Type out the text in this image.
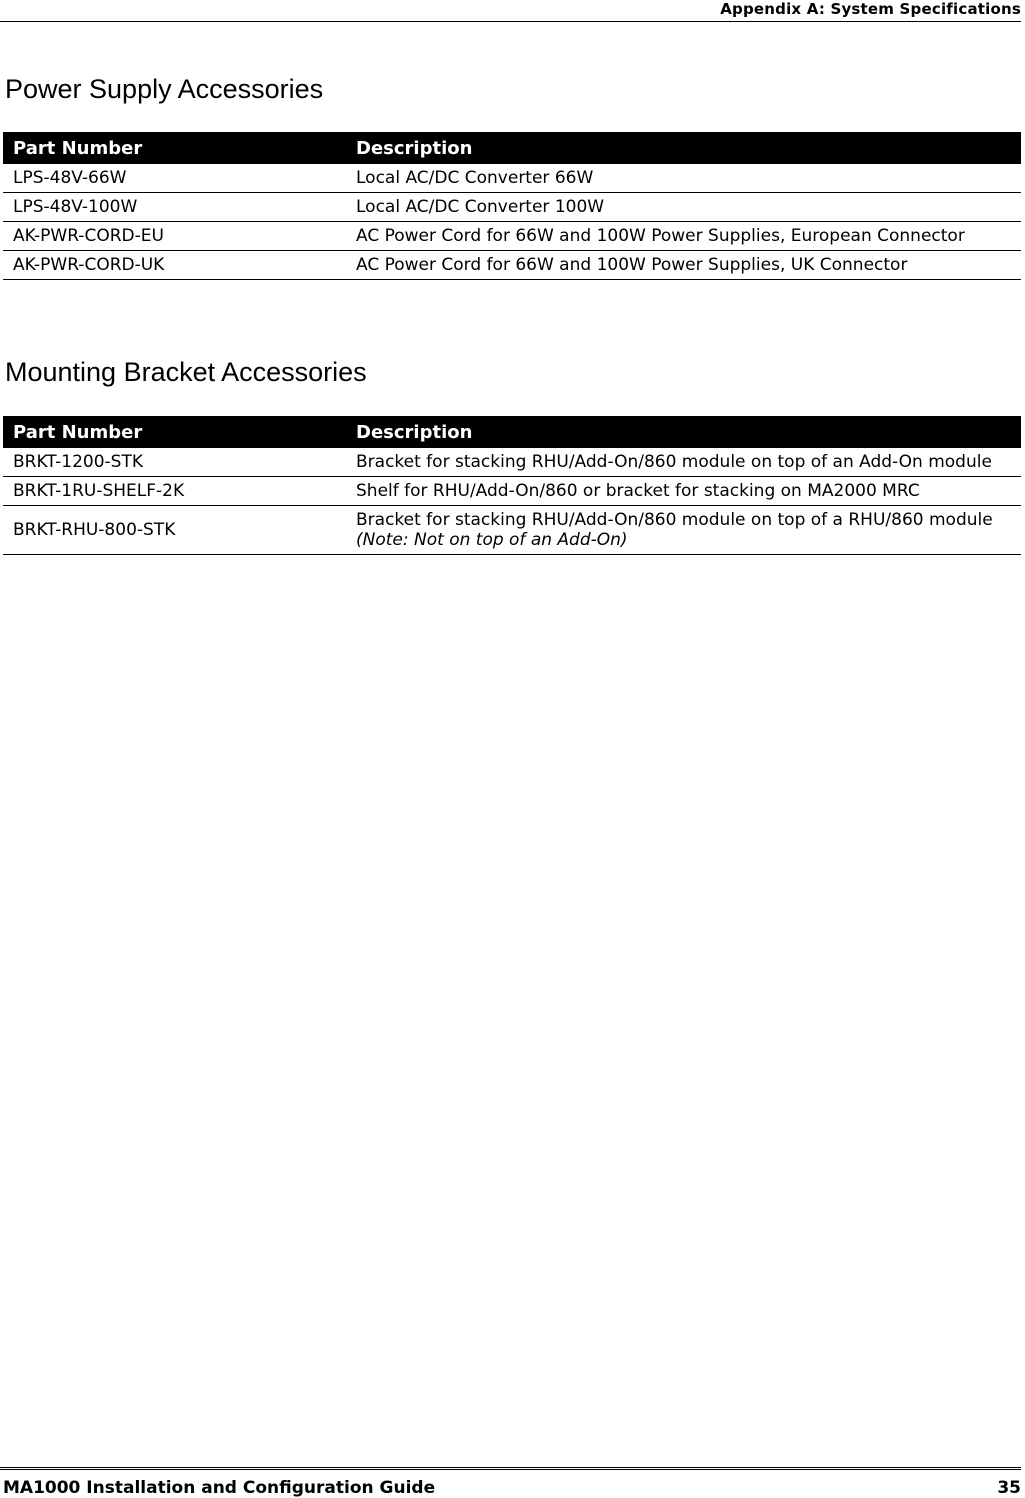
Appendix A: System Specifications
Power Supply Accessories
Part Number	Description
LPS-48V-66W	Local AC/DC Converter 66W
LPS-48V-100W	Local AC/DC Converter 100W
AK-PWR-CORD-EU	AC Power Cord for 66W and 100W Power Supplies, European Connector
AK-PWR-CORD-UK	AC Power Cord for 66W and 100W Power Supplies, UK Connector
Mounting Bracket Accessories
Part Number	Description
BRKT-1200-STK	Bracket for stacking RHU/Add-On/860 module on top of an Add-On module
BRKT-1RU-SHELF-2K	Shelf for RHU/Add-On/860 or bracket for stacking on MA2000 MRC
BRKT-RHU-800-STK	Bracket for stacking RHU/Add-On/860 module on top of a RHU/860 module (Note: Not on top of an Add-On)
MA1000 Installation and Configuration Guide	35
